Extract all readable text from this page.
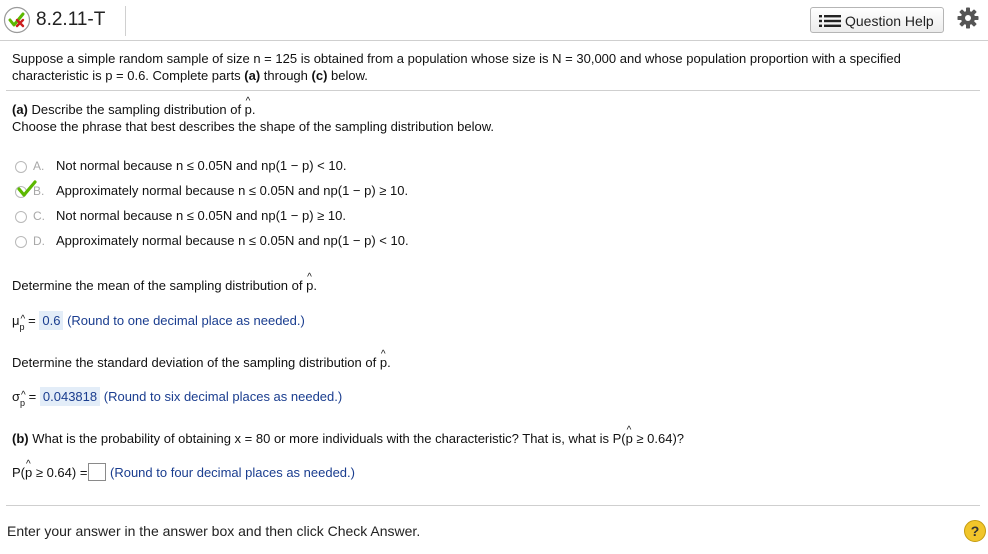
8.2.11-T	Question Help
Suppose a simple random sample of size n = 125 is obtained from a population whose size is N = 30,000 and whose population proportion with a specified
characteristic is p = 0.6. Complete parts (a) through (c) below.
(a) Describe the sampling distribution of ^ p.
Choose the phrase that best describes the shape of the sampling distribution below.
A. Not normal because n ≤ 0.05N and np(1 − p) < 10.
B. Approximately normal because n ≤ 0.05N and np(1 − p) ≥ 10.
C. Not normal because n ≤ 0.05N and np(1 − p) ≥ 10.
D. Approximately normal because n ≤ 0.05N and np(1 − p) < 10.
Determine the mean of the sampling distribution of ^ p.
μ^ $_p$ = 0.6 (Round to one decimal place as needed.)
Determine the standard deviation of the sampling distribution of ^ p.
σ^ $_p$ = 0.043818 (Round to six decimal places as needed.)
(b) What is the probability of obtaining x = 80 or more individuals with the characteristic? That is, what is P(^ p ≥ 0.64)?
P(^ p ≥ 0.64) = (Round to four decimal places as needed.)
Enter your answer in the answer box and then click Check Answer.	?
